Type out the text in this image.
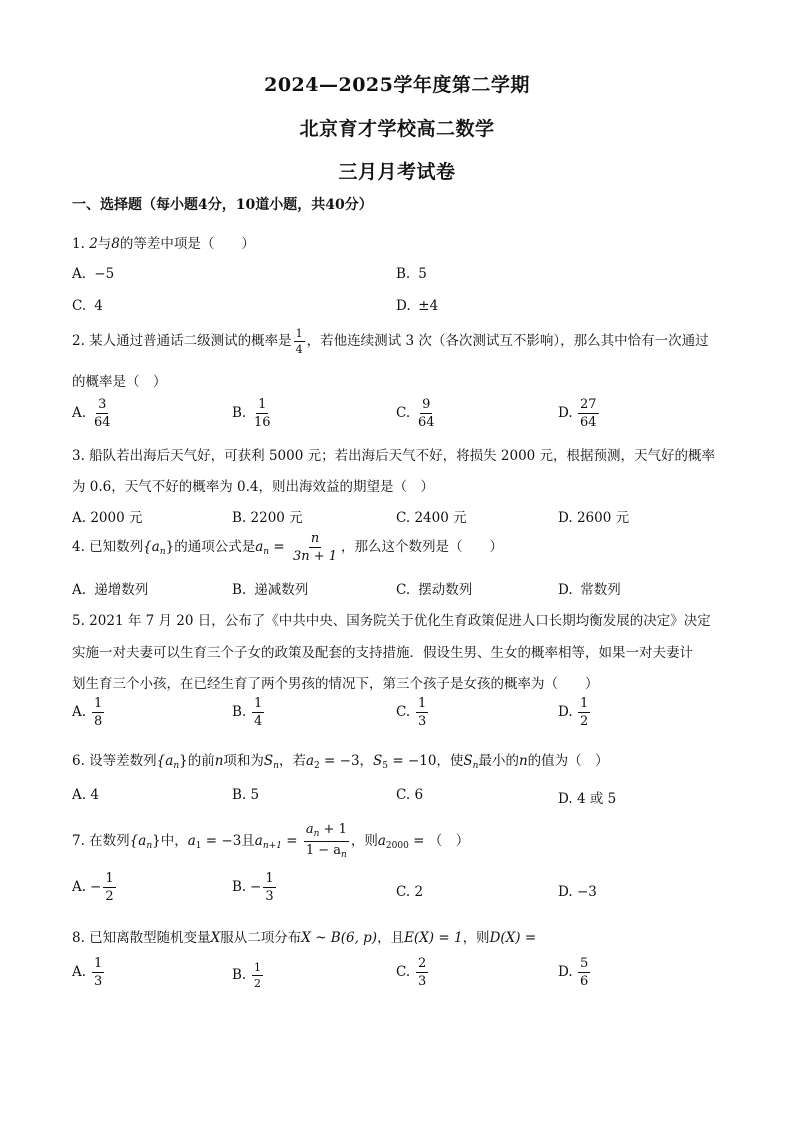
2024—2025学年度第二学期
北京育才学校高二数学
三月月考试卷
一、选择题（每小题4分，10道小题，共40分）
1. 2与8的等差中项是（　　）
A. −5	B. 5
C. 4	D. ±4
2. 某人通过普通话二级测试的概率是 $\frac{1}{4}$ ，若他连续测试 3 次（各次测试互不影响），那么其中恰有一次通过
的概率是（　）
A. $\frac{3}{64}$	B. $\frac{1}{16}$	C. $\frac{9}{64}$	D. $\frac{27}{64}$
3. 船队若出海后天气好，可获利 5000 元；若出海后天气不好，将损失 2000 元，根据预测，天气好的概率
为 0.6，天气不好的概率为 0.4，则出海效益的期望是（　）
A. 2000 元	B. 2200 元	C. 2400 元	D. 2600 元
4. 已知数列$\{a_n\}$的通项公式是$a_n = \frac{n}{3n + 1}$ ，那么这个数列是（　　）
A. 递增数列	B. 递减数列	C. 摆动数列	D. 常数列
5. 2021 年 7 月 20 日，公布了《中共中央、国务院关于优化生育政策促进人口长期均衡发展的决定》决定
实施一对夫妻可以生育三个子女的政策及配套的支持措施．假设生男、生女的概率相等，如果一对夫妻计
划生育三个小孩，在已经生育了两个男孩的情况下，第三个孩子是女孩的概率为（　　）
A. $\frac{1}{8}$	B. $\frac{1}{4}$	C. $\frac{1}{3}$	D. $\frac{1}{2}$
6. 设等差数列$\{a_n\}$的前n项和为$S_n$，若$a_2 = -3$，$S_5 = -10$，使$S_n$最小的n的值为（　）
A. 4	B. 5	C. 6	D. 4 或 5
7. 在数列$\{a_n\}$中，$a_1 = -3$且$a_{n+1} = \frac{a_n + 1}{1 - a_n}$ ，则$a_{2000}$ = （　）
A. − $\frac{1}{2}$	B. − $\frac{1}{3}$	C. 2	D. −3
8. 已知离散型随机变量X服从二项分布X ~ B(6, p)，且E(X) = 1，则D(X) =
A. $\frac{1}{3}$	B. $\frac{1}{2}$	C. $\frac{2}{3}$	D. $\frac{5}{6}$
